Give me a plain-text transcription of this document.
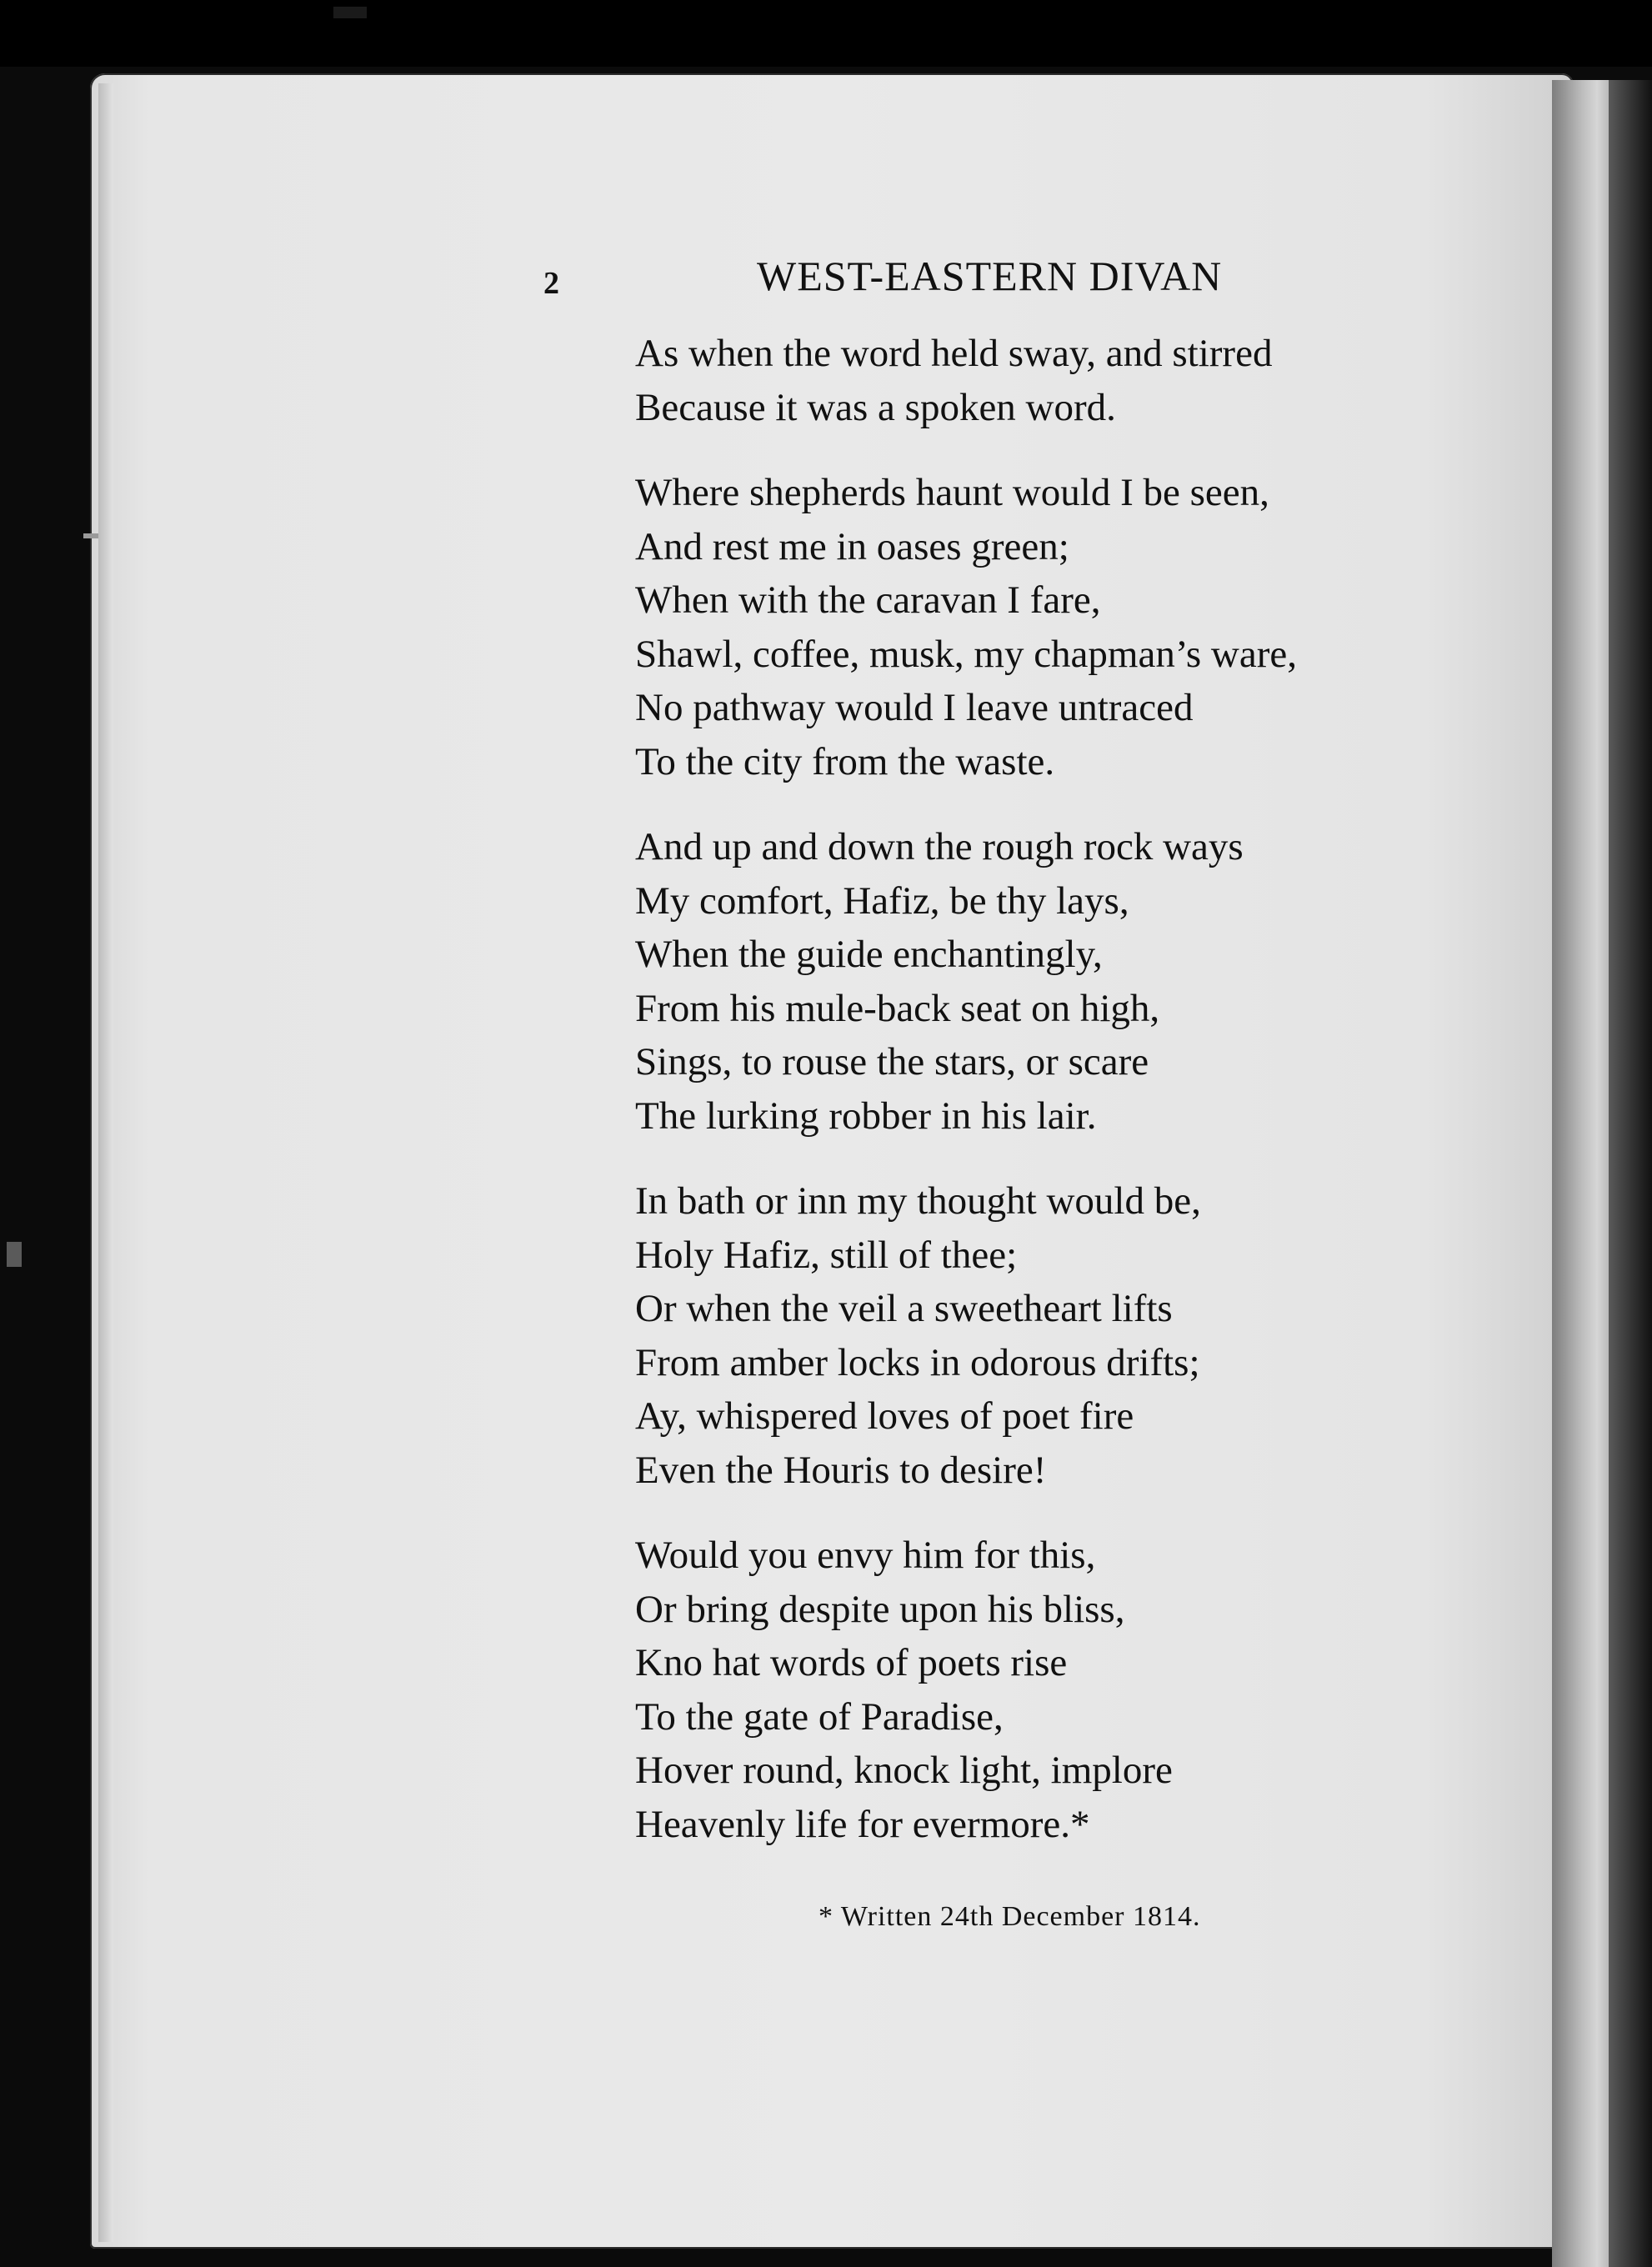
2	WEST-EASTERN DIVAN
As when the word held sway, and stirred
Because it was a spoken word.
Where shepherds haunt would I be seen,
And rest me in oases green;
When with the caravan I fare,
Shawl, coffee, musk, my chapman’s ware,
No pathway would I leave untraced
To the city from the waste.
And up and down the rough rock ways
My comfort, Hafiz, be thy lays,
When the guide enchantingly,
From his mule-back seat on high,
Sings, to rouse the stars, or scare
The lurking robber in his lair.
In bath or inn my thought would be,
Holy Hafiz, still of thee;
Or when the veil a sweetheart lifts
From amber locks in odorous drifts;
Ay, whispered loves of poet fire
Even the Houris to desire!
Would you envy him for this,
Or bring despite upon his bliss,
Kno hat words of poets rise
To the gate of Paradise,
Hover round, knock light, implore
Heavenly life for evermore.*
* Written 24th December 1814.
